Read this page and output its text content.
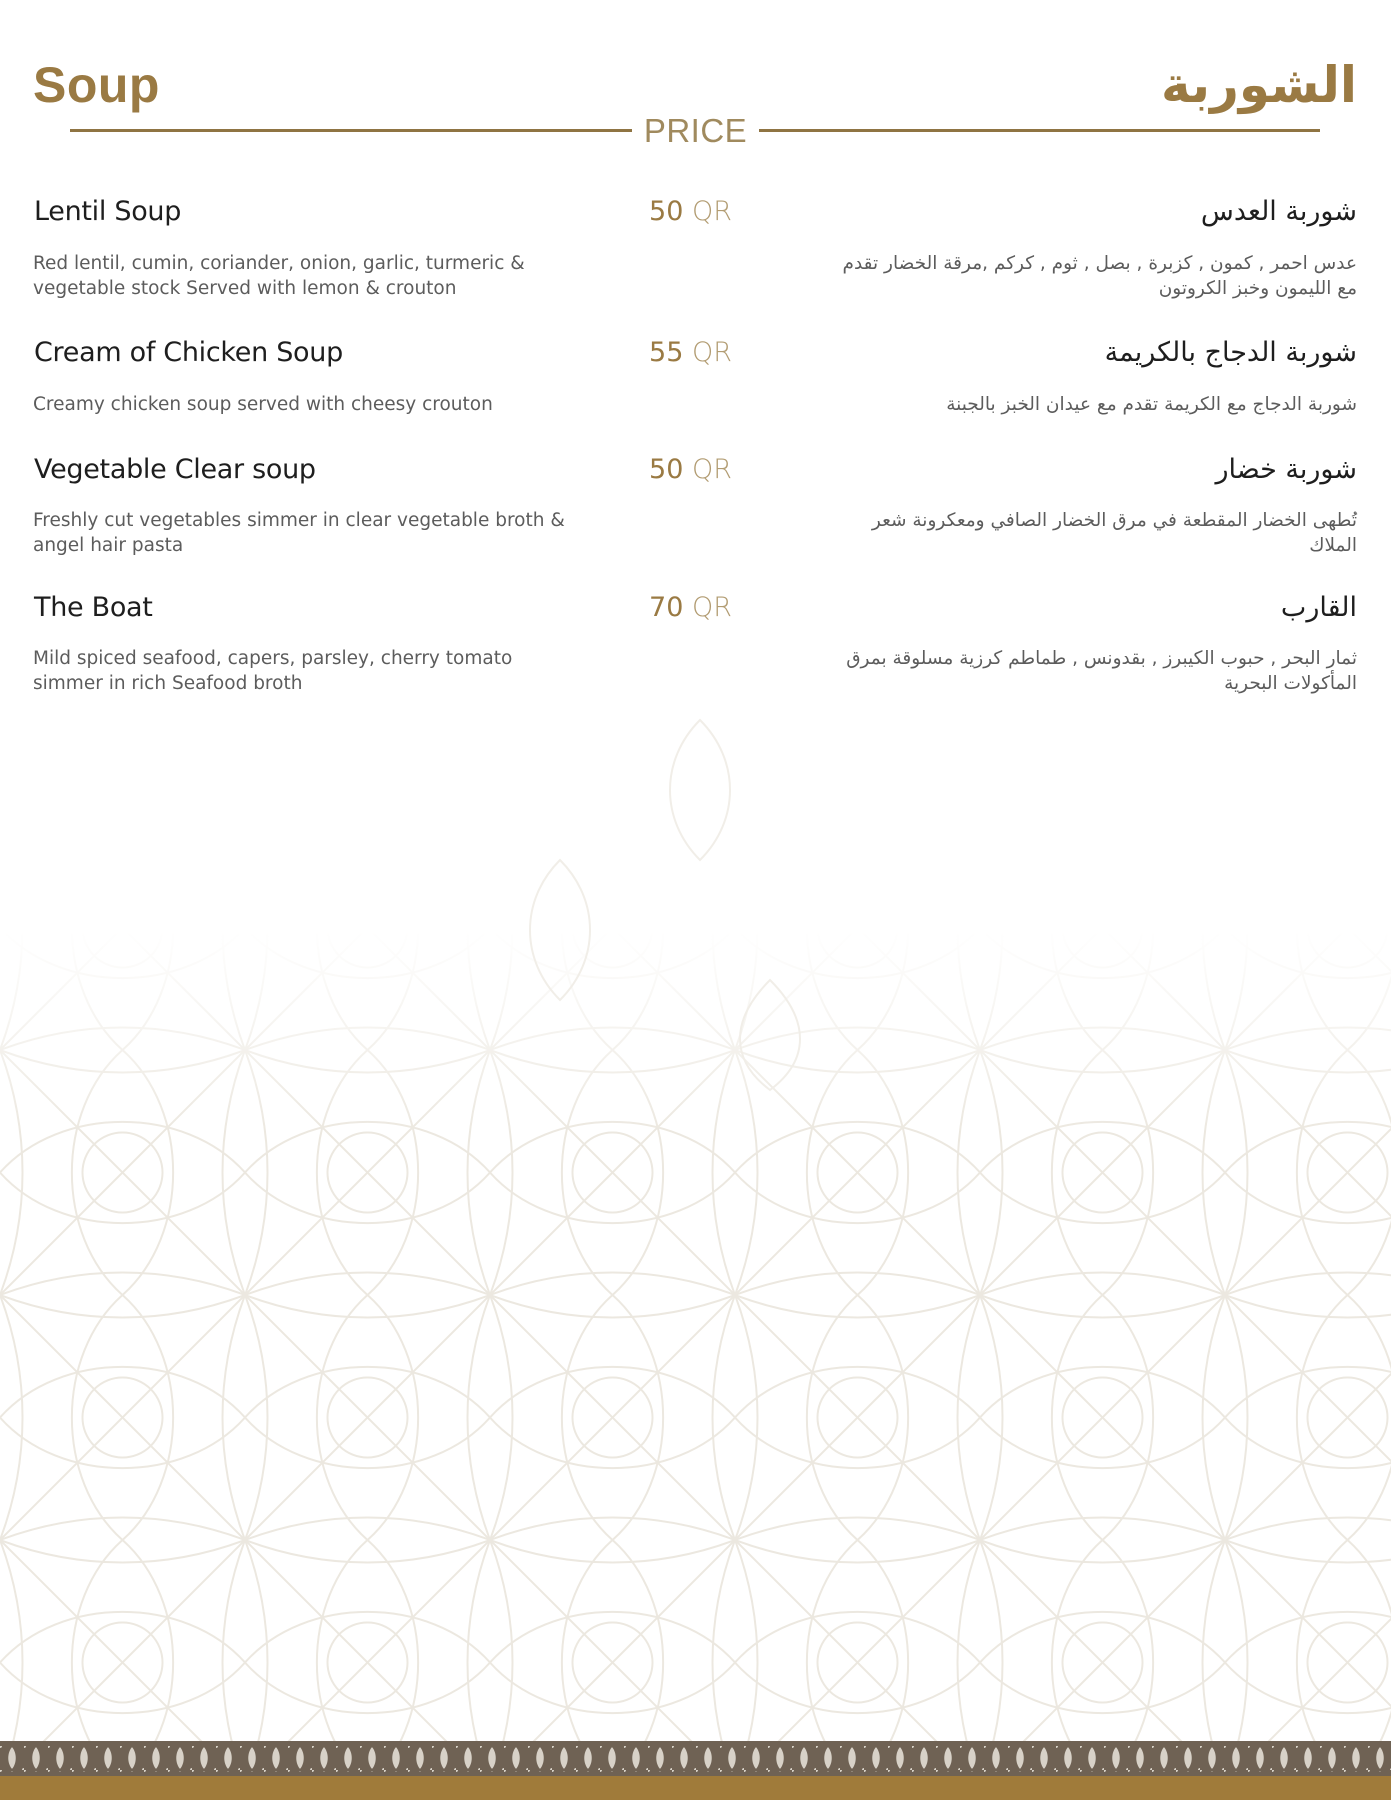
Soup	الشوربة
PRICE
Lentil Soup	50 QR

Red lentil, cumin, coriander, onion, garlic, turmeric & vegetable stock Served with lemon & crouton

شوربة العدس

عدس احمر , كمون , كزبرة , بصل , ثوم , كركم ,مرقة الخضار تقدم مع الليمون وخبز الكروتون

Cream of Chicken Soup	55 QR

Creamy chicken soup served with cheesy crouton

شوربة الدجاج بالكريمة

شوربة الدجاج مع الكريمة تقدم مع عيدان الخبز بالجبنة

Vegetable Clear soup	50 QR

Freshly cut vegetables simmer in clear vegetable broth & angel hair pasta

شوربة خضار

تُطهى الخضار المقطعة في مرق الخضار الصافي ومعكرونة شعر الملاك

The Boat	70 QR

Mild spiced seafood, capers, parsley, cherry tomato simmer in rich Seafood broth

القارب

ثمار البحر , حبوب الكيبرز , بقدونس , طماطم كرزية مسلوقة بمرق المأكولات البحرية
